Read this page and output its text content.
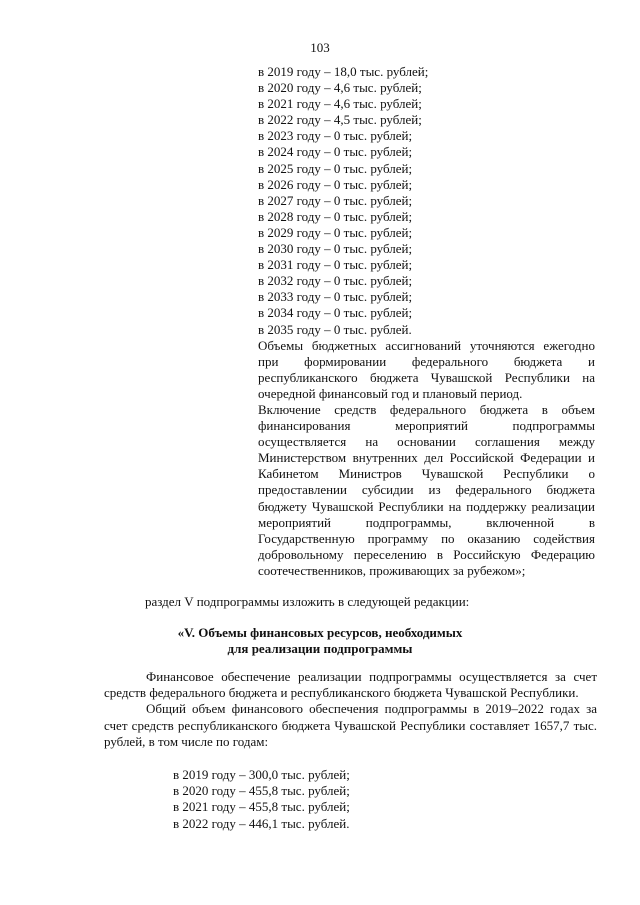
103
в 2019 году – 18,0 тыс. рублей;
в 2020 году – 4,6 тыс. рублей;
в 2021 году – 4,6 тыс. рублей;
в 2022 году – 4,5 тыс. рублей;
в 2023 году – 0 тыс. рублей;
в 2024 году – 0 тыс. рублей;
в 2025 году – 0 тыс. рублей;
в 2026 году – 0 тыс. рублей;
в 2027 году – 0 тыс. рублей;
в 2028 году – 0 тыс. рублей;
в 2029 году – 0 тыс. рублей;
в 2030 году – 0 тыс. рублей;
в 2031 году – 0 тыс. рублей;
в 2032 году – 0 тыс. рублей;
в 2033 году – 0 тыс. рублей;
в 2034 году – 0 тыс. рублей;
в 2035 году – 0 тыс. рублей.
Объемы бюджетных ассигнований уточняются ежегодно при формировании федерального бюджета и республиканского бюджета Чувашской Республики на очередной финансовый год и плановый период.
Включение средств федерального бюджета в объем финансирования мероприятий подпрограммы осуществляется на основании соглашения между Министерством внутренних дел Российской Федерации и Кабинетом Министров Чувашской Республики о предоставлении субсидии из федерального бюджета бюджету Чувашской Республики на поддержку реализации мероприятий подпрограммы, включенной в Государственную программу по оказанию содействия добровольному переселению в Российскую Федерацию соотечественников, проживающих за рубежом»;
раздел V подпрограммы изложить в следующей редакции:
«V. Объемы финансовых ресурсов, необходимых
для реализации подпрограммы

Финансовое обеспечение реализации подпрограммы осуществляется за счет средств федерального бюджета и республиканского бюджета Чувашской Республики.

Общий объем финансового обеспечения подпрограммы в 2019–2022 годах за счет средств республиканского бюджета Чувашской Республики составляет 1657,7 тыс. рублей, в том числе по годам:

в 2019 году – 300,0 тыс. рублей;
в 2020 году – 455,8 тыс. рублей;
в 2021 году – 455,8 тыс. рублей;
в 2022 году – 446,1 тыс. рублей.
